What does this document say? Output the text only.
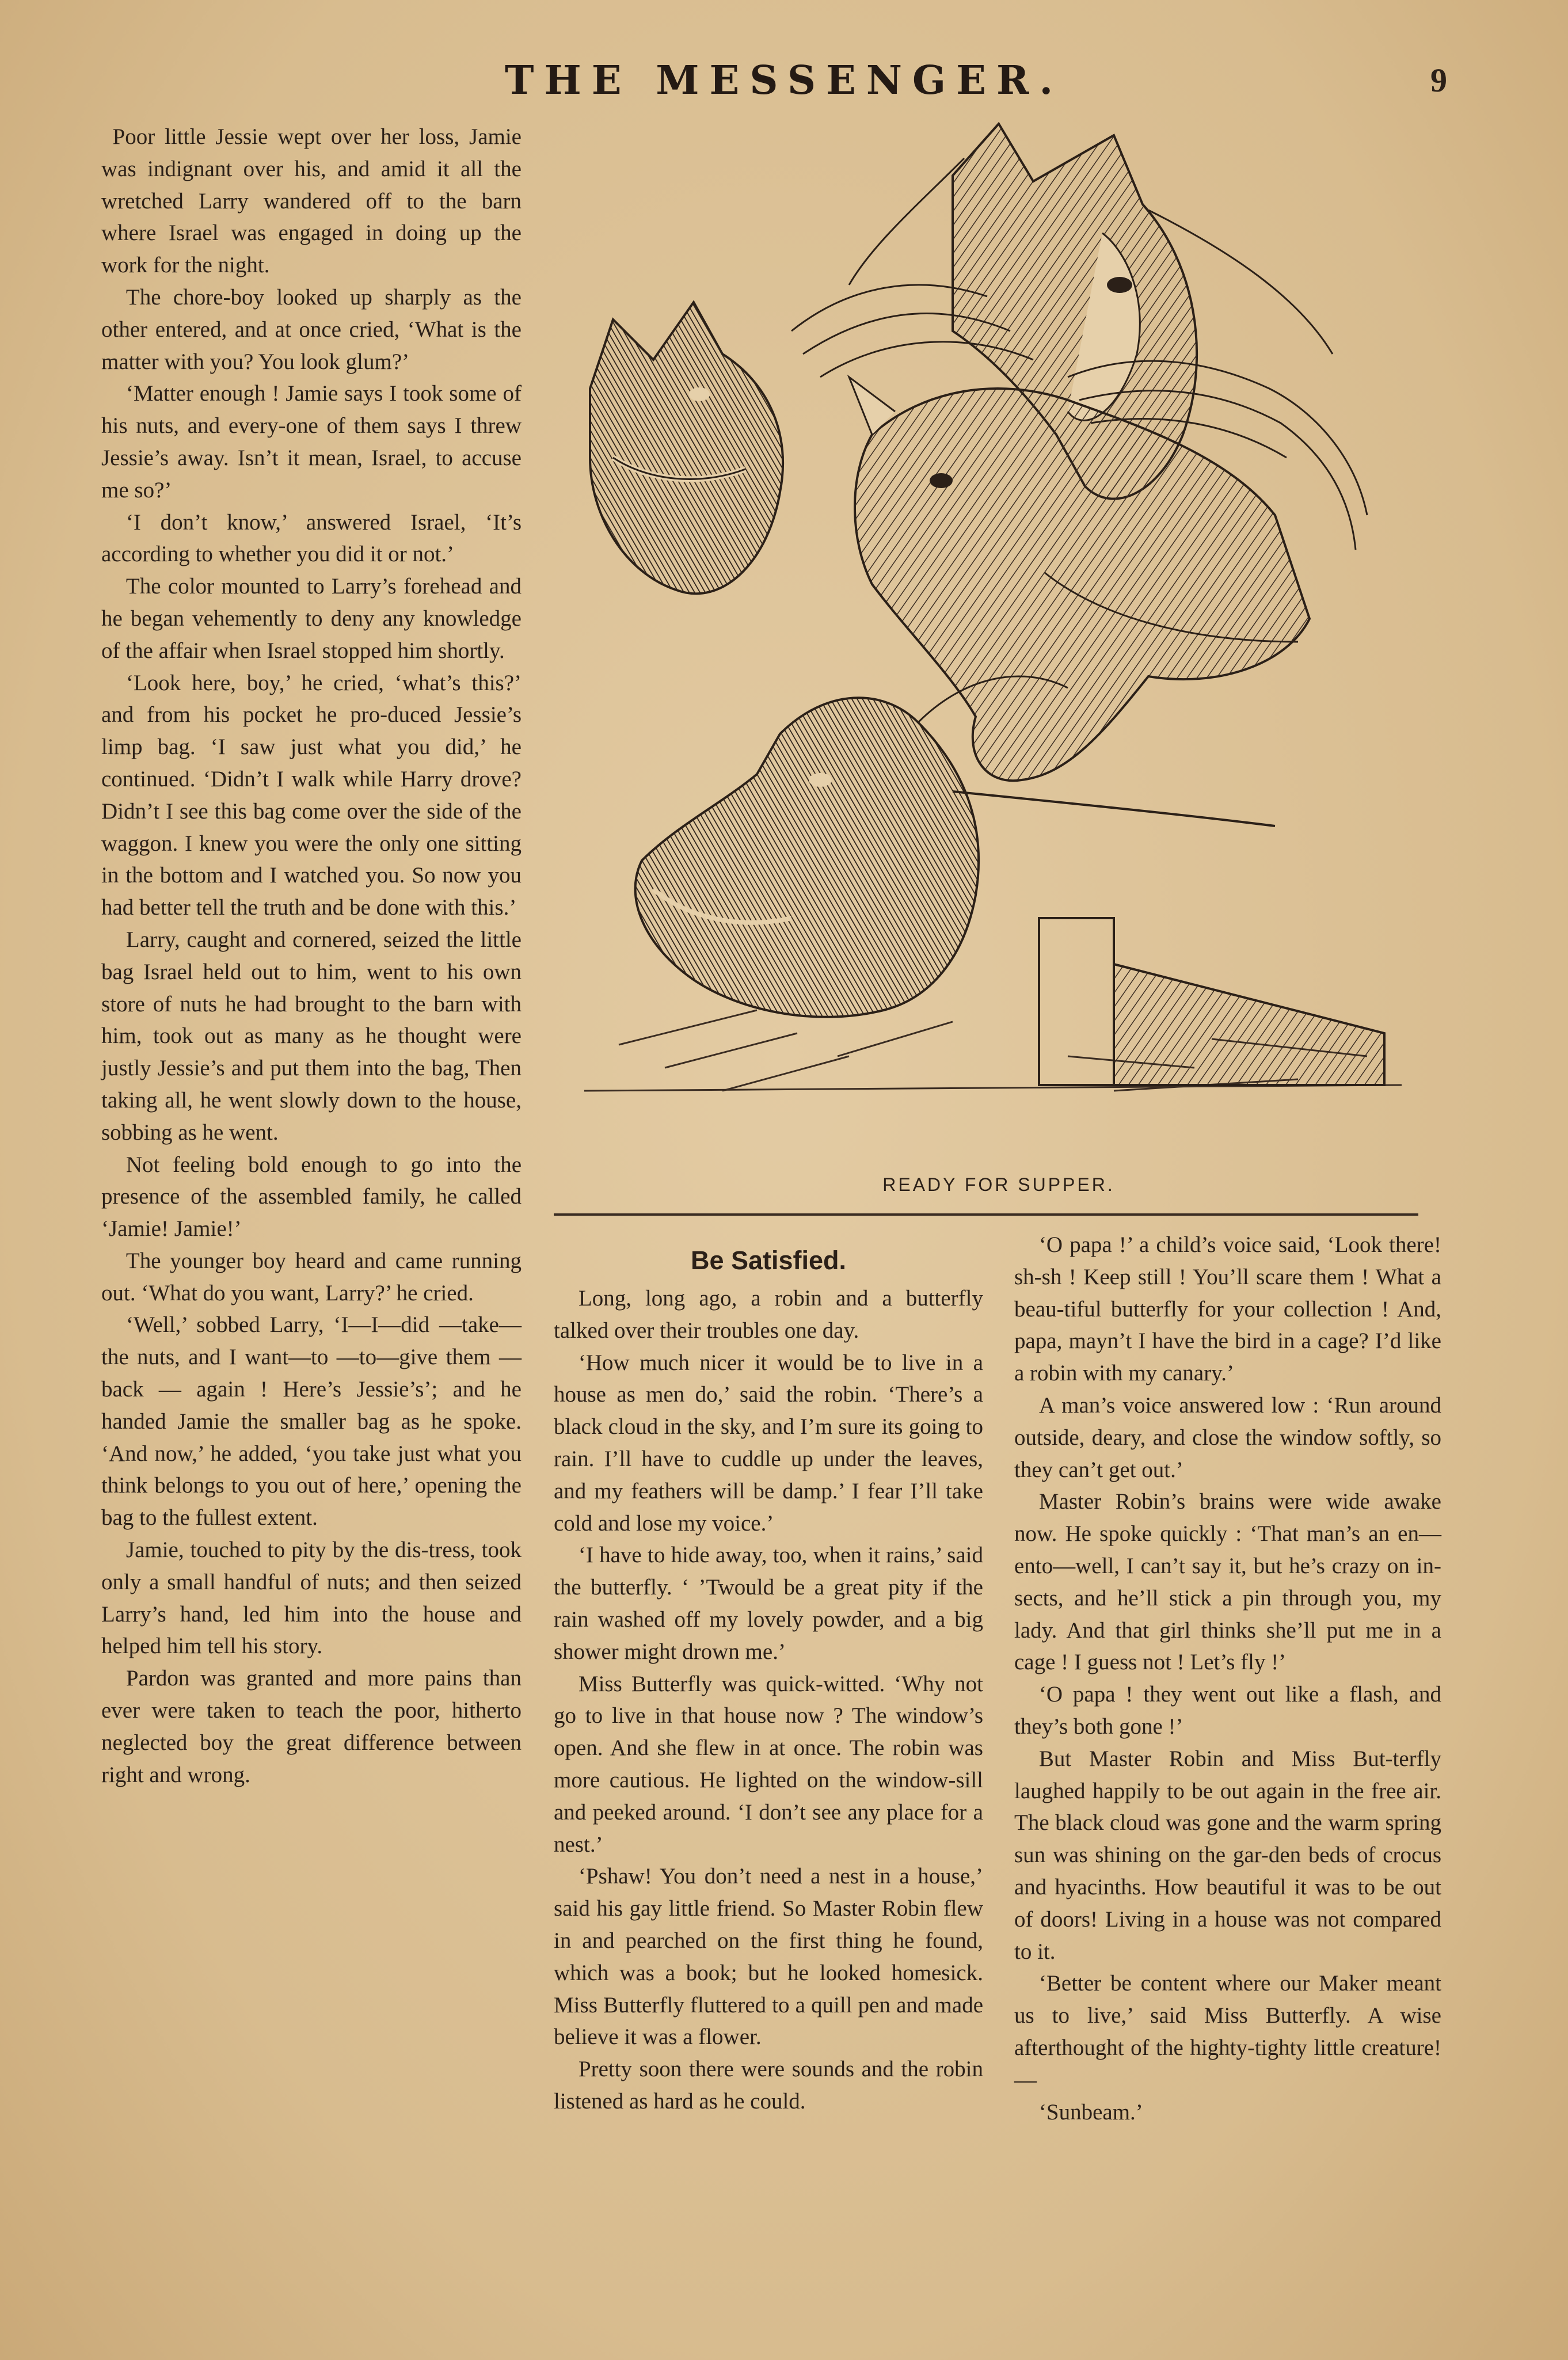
THE MESSENGER.	9

Poor little Jessie wept over her loss, Jamie was indignant over his, and amid it all the wretched Larry wandered off to the barn where Israel was engaged in doing up the work for the night.

The chore-boy looked up sharply as the other entered, and at once cried, ‘What is the matter with you? You look glum?’

‘Matter enough ! Jamie says I took some of his nuts, and every-one of them says I threw Jessie’s away. Isn’t it mean, Israel, to accuse me so?’

‘I don’t know,’ answered Israel, ‘It’s according to whether you did it or not.’

The color mounted to Larry’s forehead and he began vehemently to deny any knowledge of the affair when Israel stopped him shortly.

‘Look here, boy,’ he cried, ‘what’s this?’ and from his pocket he pro-duced Jessie’s limp bag. ‘I saw just what you did,’ he continued. ‘Didn’t I walk while Harry drove? Didn’t I see this bag come over the side of the waggon. I knew you were the only one sitting in the bottom and I watched you. So now you had better tell the truth and be done with this.’

Larry, caught and cornered, seized the little bag Israel held out to him, went to his own store of nuts he had brought to the barn with him, took out as many as he thought were justly Jessie’s and put them into the bag, Then taking all, he went slowly down to the house, sobbing as he went.

Not feeling bold enough to go into the presence of the assembled family, he called ‘Jamie! Jamie!’

The younger boy heard and came running out. ‘What do you want, Larry?’ he cried.

‘Well,’ sobbed Larry, ‘I—I—did —take—the nuts, and I want—to —to—give them — back — again ! Here’s Jessie’s’; and he handed Jamie the smaller bag as he spoke. ‘And now,’ he added, ‘you take just what you think belongs to you out of here,’ opening the bag to the fullest extent.

Jamie, touched to pity by the dis-tress, took only a small handful of nuts; and then seized Larry’s hand, led him into the house and helped him tell his story.

Pardon was granted and more pains than ever were taken to teach the poor, hitherto neglected boy the great difference between right and wrong.

READY FOR SUPPER.
Be Satisfied.

Long, long ago, a robin and a butterfly talked over their troubles one day.

‘How much nicer it would be to live in a house as men do,’ said the robin. ‘There’s a black cloud in the sky, and I’m sure its going to rain. I’ll have to cuddle up under the leaves, and my feathers will be damp.’ I fear I’ll take cold and lose my voice.’

‘I have to hide away, too, when it rains,’ said the butterfly. ‘ ’Twould be a great pity if the rain washed off my lovely powder, and a big shower might drown me.’

Miss Butterfly was quick-witted. ‘Why not go to live in that house now ? The window’s open. And she flew in at once. The robin was more cautious. He lighted on the window-sill and peeked around. ‘I don’t see any place for a nest.’

‘Pshaw! You don’t need a nest in a house,’ said his gay little friend. So Master Robin flew in and pearched on the first thing he found, which was a book; but he looked homesick. Miss Butterfly fluttered to a quill pen and made believe it was a flower.

Pretty soon there were sounds and the robin listened as hard as he could.

‘O papa !’ a child’s voice said, ‘Look there! sh-sh ! Keep still ! You’ll scare them ! What a beau-tiful butterfly for your collection ! And, papa, mayn’t I have the bird in a cage? I’d like a robin with my canary.’

A man’s voice answered low : ‘Run around outside, deary, and close the window softly, so they can’t get out.’

Master Robin’s brains were wide awake now. He spoke quickly : ‘That man’s an en—ento—well, I can’t say it, but he’s crazy on in-sects, and he’ll stick a pin through you, my lady. And that girl thinks she’ll put me in a cage ! I guess not ! Let’s fly !’

‘O papa ! they went out like a flash, and they’s both gone !’

But Master Robin and Miss But-terfly laughed happily to be out again in the free air. The black cloud was gone and the warm spring sun was shining on the gar-den beds of crocus and hyacinths. How beautiful it was to be out of doors! Living in a house was not compared to it.

‘Better be content where our Maker meant us to live,’ said Miss Butterfly. A wise afterthought of the highty-tighty little creature!—

‘Sunbeam.’
